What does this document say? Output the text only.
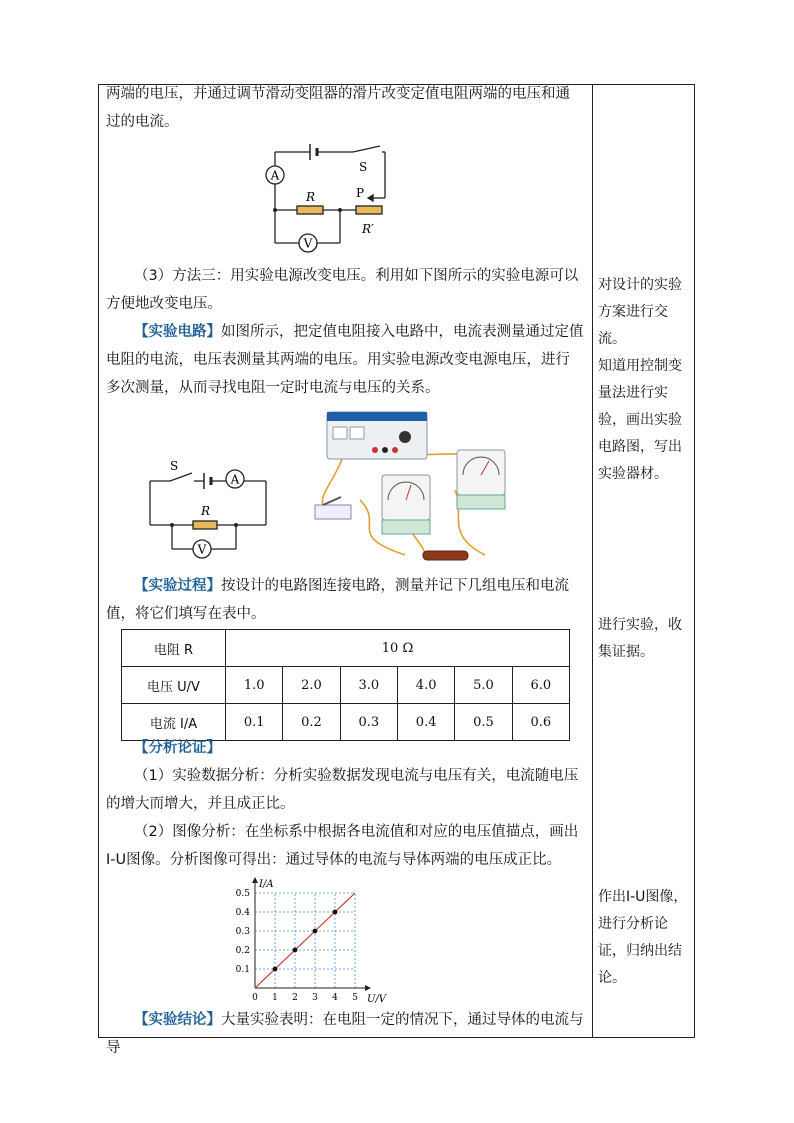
两端的电压，并通过调节滑动变阻器的滑片改变定值电阻两端的电压和通过的电流。

A
V
S
R	P
R′

（3）方法三：用实验电源改变电压。利用如下图所示的实验电源可以方便地改变电压。

【实验电路】如图所示，把定值电阻接入电路中，电流表测量通过定值电阻的电流，电压表测量其两端的电压。用实验电源改变电源电压，进行多次测量，从而寻找电阻一定时电流与电压的关系。

A
V
S
R

【实验过程】按设计的电路图连接电路，测量并记下几组电压和电流值，将它们填写在表中。

电阻 R	10 Ω					
电压 U/V	1.0	2.0	3.0	4.0	5.0	6.0
电流 I/A	0.1	0.2	0.3	0.4	0.5	0.6

【分析论证】

（1）实验数据分析：分析实验数据发现电流与电压有关，电流随电压的增大而增大，并且成正比。

（2）图像分析：在坐标系中根据各电流值和对应的电压值描点，画出I-U图像。分析图像可得出：通过导体的电流与导体两端的电压成正比。

0 1 2 3 4 5
0.1
0.2
0.3
0.4
0.5
U/V
I/A

【实验结论】大量实验表明：在电阻一定的情况下，通过导体的电流与导

对设计的实验方案进行交流。
知道用控制变量法进行实验，画出实验电路图，写出实验器材。
进行实验，收集证据。
作出I-U图像，进行分析论证，归纳出结论。
